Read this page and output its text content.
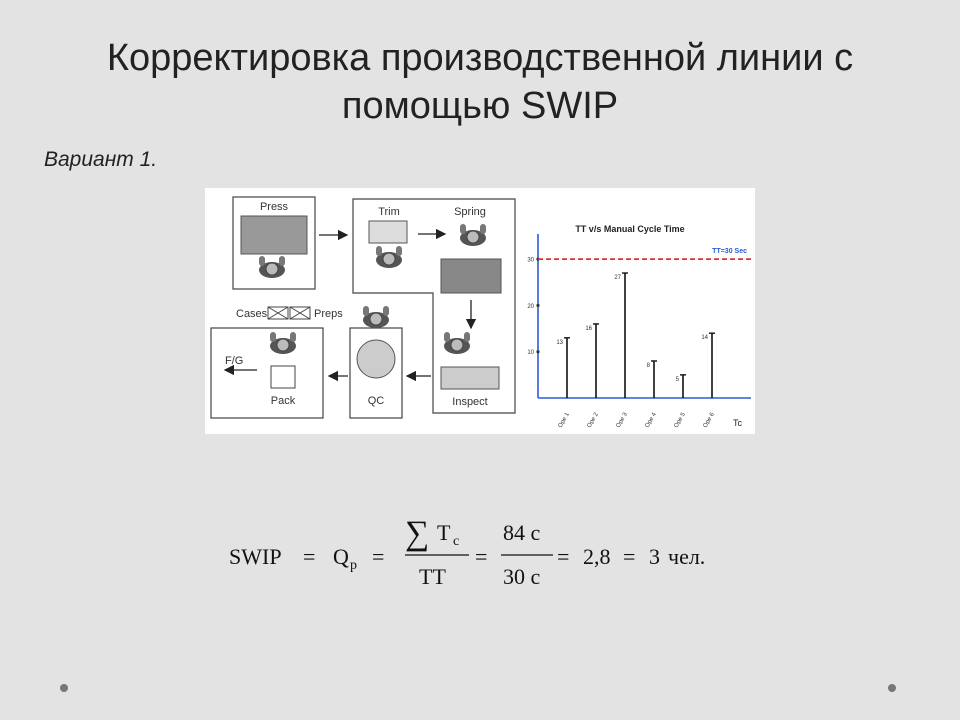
Корректировка производственной линии с
помощью SWIP
Вариант 1.
Press	Trim	Spring
Inspect
QC
Cases	Preps
Pack
F/G
TT v/s Manual Cycle Time
10
20
30
TT=30 Sec
13
Ope 1
16
Ope 2
27
Ope 3
8
Ope 4
5
Ope 5
14
Ope 6 Tc
SWIP = Q p =
∑ T c
TT
=
84 с
30 с
= 2,8 = 3 чел.
